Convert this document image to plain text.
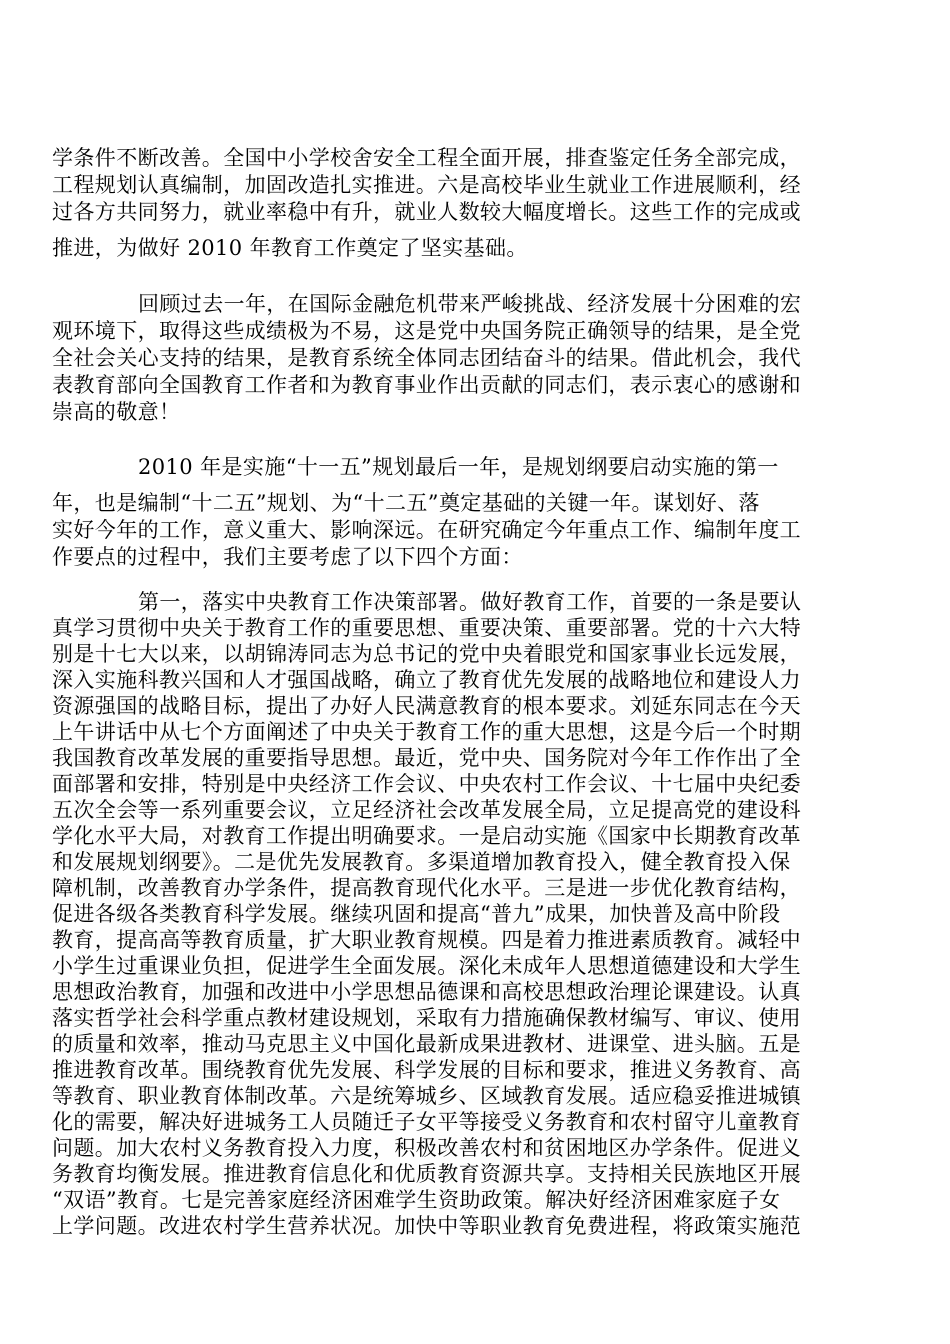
学条件不断改善。全国中小学校舍安全工程全面开展，排查鉴定任务全部完成，
工程规划认真编制，加固改造扎实推进。六是高校毕业生就业工作进展顺利，经
过各方共同努力，就业率稳中有升，就业人数较大幅度增长。这些工作的完成或
推进，为做好 2010 年教育工作奠定了坚实基础。
回顾过去一年，在国际金融危机带来严峻挑战、经济发展十分困难的宏
观环境下，取得这些成绩极为不易，这是党中央国务院正确领导的结果，是全党
全社会关心支持的结果，是教育系统全体同志团结奋斗的结果。借此机会，我代
表教育部向全国教育工作者和为教育事业作出贡献的同志们，表示衷心的感谢和
崇高的敬意！
2010 年是实施“十一五”规划最后一年，是规划纲要启动实施的第一
年，也是编制“十二五”规划、为“十二五”奠定基础的关键一年。谋划好、落
实好今年的工作，意义重大、影响深远。在研究确定今年重点工作、编制年度工
作要点的过程中，我们主要考虑了以下四个方面：
第一，落实中央教育工作决策部署。做好教育工作，首要的一条是要认
真学习贯彻中央关于教育工作的重要思想、重要决策、重要部署。党的十六大特
别是十七大以来，以胡锦涛同志为总书记的党中央着眼党和国家事业长远发展，
深入实施科教兴国和人才强国战略，确立了教育优先发展的战略地位和建设人力
资源强国的战略目标，提出了办好人民满意教育的根本要求。刘延东同志在今天
上午讲话中从七个方面阐述了中央关于教育工作的重大思想，这是今后一个时期
我国教育改革发展的重要指导思想。最近，党中央、国务院对今年工作作出了全
面部署和安排，特别是中央经济工作会议、中央农村工作会议、十七届中央纪委
五次全会等一系列重要会议，立足经济社会改革发展全局，立足提高党的建设科
学化水平大局，对教育工作提出明确要求。一是启动实施《国家中长期教育改革
和发展规划纲要》。二是优先发展教育。多渠道增加教育投入，健全教育投入保
障机制，改善教育办学条件，提高教育现代化水平。三是进一步优化教育结构，
促进各级各类教育科学发展。继续巩固和提高“普九”成果，加快普及高中阶段
教育，提高高等教育质量，扩大职业教育规模。四是着力推进素质教育。减轻中
小学生过重课业负担，促进学生全面发展。深化未成年人思想道德建设和大学生
思想政治教育，加强和改进中小学思想品德课和高校思想政治理论课建设。认真
落实哲学社会科学重点教材建设规划，采取有力措施确保教材编写、审议、使用
的质量和效率，推动马克思主义中国化最新成果进教材、进课堂、进头脑。五是
推进教育改革。围绕教育优先发展、科学发展的目标和要求，推进义务教育、高
等教育、职业教育体制改革。六是统筹城乡、区域教育发展。适应稳妥推进城镇
化的需要，解决好进城务工人员随迁子女平等接受义务教育和农村留守儿童教育
问题。加大农村义务教育投入力度，积极改善农村和贫困地区办学条件。促进义
务教育均衡发展。推进教育信息化和优质教育资源共享。支持相关民族地区开展
“双语”教育。七是完善家庭经济困难学生资助政策。解决好经济困难家庭子女
上学问题。改进农村学生营养状况。加快中等职业教育免费进程，将政策实施范
